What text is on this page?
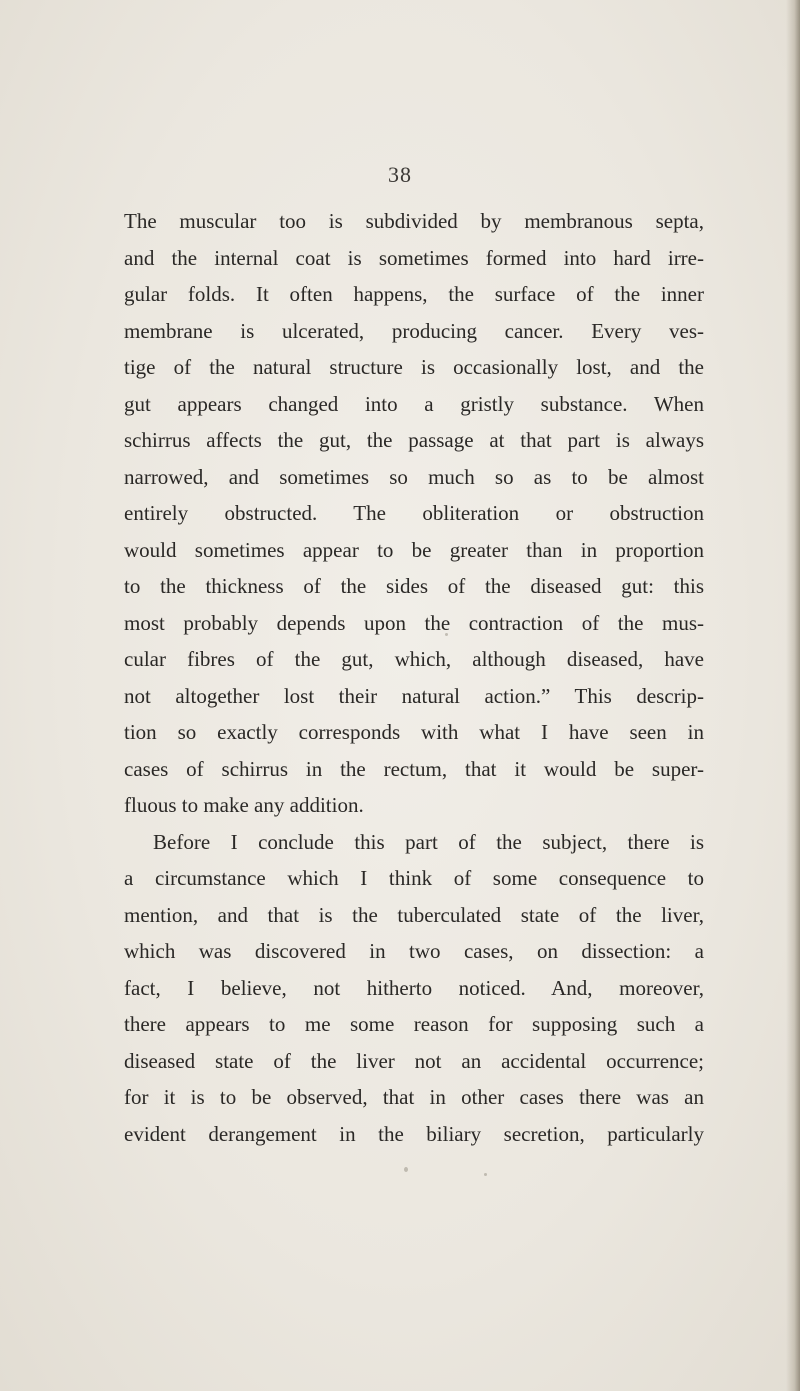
38
The muscular too is subdivided by membranous septa,
and the internal coat is sometimes formed into hard irre-
gular folds. It often happens, the surface of the inner
membrane is ulcerated, producing cancer. Every ves-
tige of the natural structure is occasionally lost, and the
gut appears changed into a gristly substance. When
schirrus affects the gut, the passage at that part is always
narrowed, and sometimes so much so as to be almost
entirely obstructed. The obliteration or obstruction
would sometimes appear to be greater than in proportion
to the thickness of the sides of the diseased gut: this
most probably depends upon the contraction of the mus-
cular fibres of the gut, which, although diseased, have
not altogether lost their natural action.” This descrip-
tion so exactly corresponds with what I have seen in
cases of schirrus in the rectum, that it would be super-
fluous to make any addition.
Before I conclude this part of the subject, there is
a circumstance which I think of some consequence to
mention, and that is the tuberculated state of the liver,
which was discovered in two cases, on dissection: a
fact, I believe, not hitherto noticed. And, moreover,
there appears to me some reason for supposing such a
diseased state of the liver not an accidental occurrence;
for it is to be observed, that in other cases there was an
evident derangement in the biliary secretion, particularly
